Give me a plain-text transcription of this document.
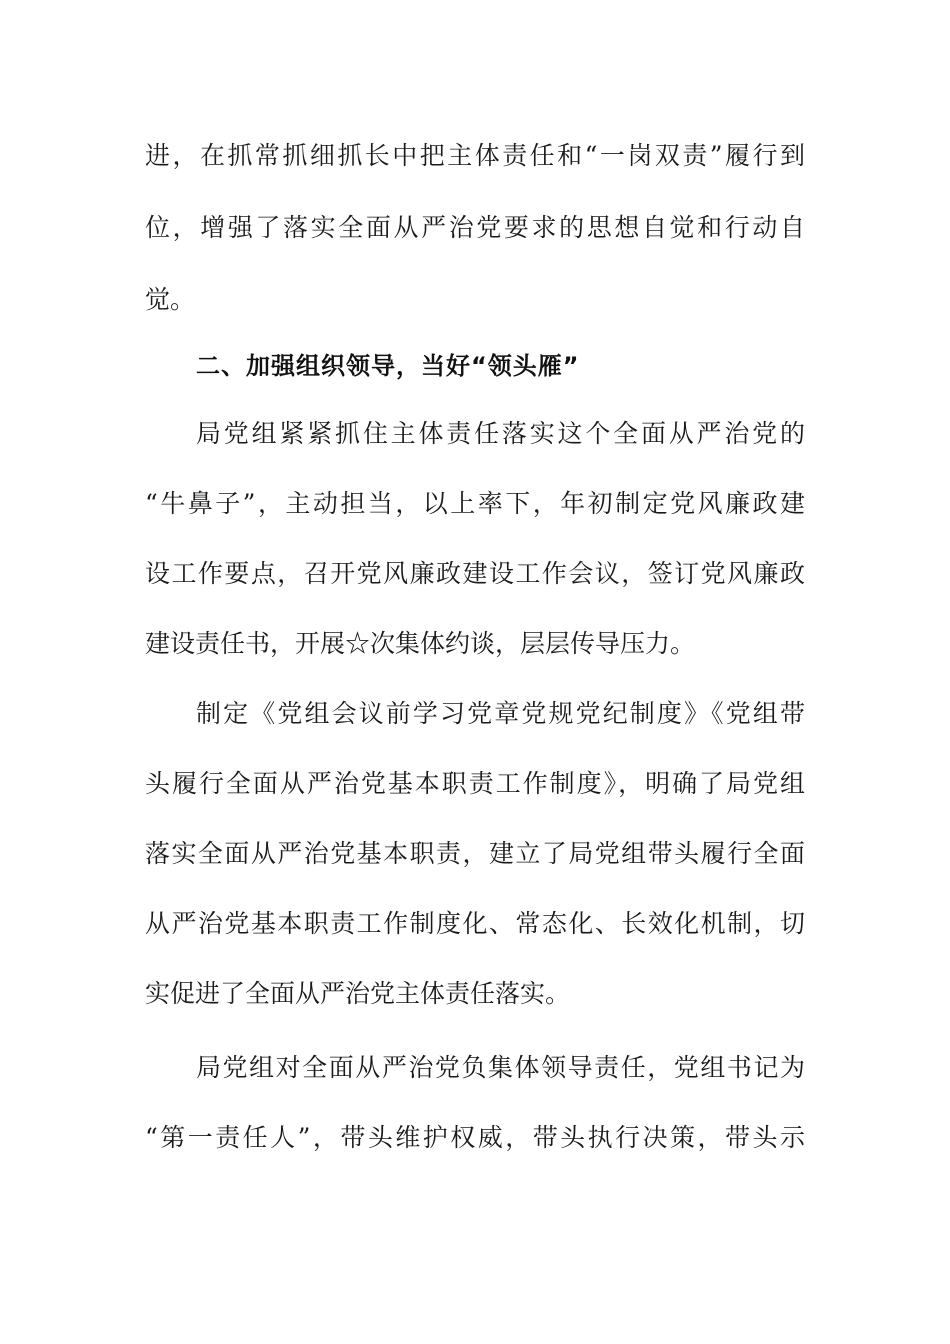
进，在抓常抓细抓长中把主体责任和“一岗双责”履行到
位，增强了落实全面从严治党要求的思想自觉和行动自
觉。
二、加强组织领导，当好“领头雁”
局党组紧紧抓住主体责任落实这个全面从严治党的
“牛鼻子”，主动担当，以上率下，年初制定党风廉政建
设工作要点，召开党风廉政建设工作会议，签订党风廉政
建设责任书，开展☆次集体约谈，层层传导压力。
制定《党组会议前学习党章党规党纪制度》《党组带
头履行全面从严治党基本职责工作制度》，明确了局党组
落实全面从严治党基本职责，建立了局党组带头履行全面
从严治党基本职责工作制度化、常态化、长效化机制，切
实促进了全面从严治党主体责任落实。
局党组对全面从严治党负集体领导责任，党组书记为
“第一责任人”，带头维护权威，带头执行决策，带头示
